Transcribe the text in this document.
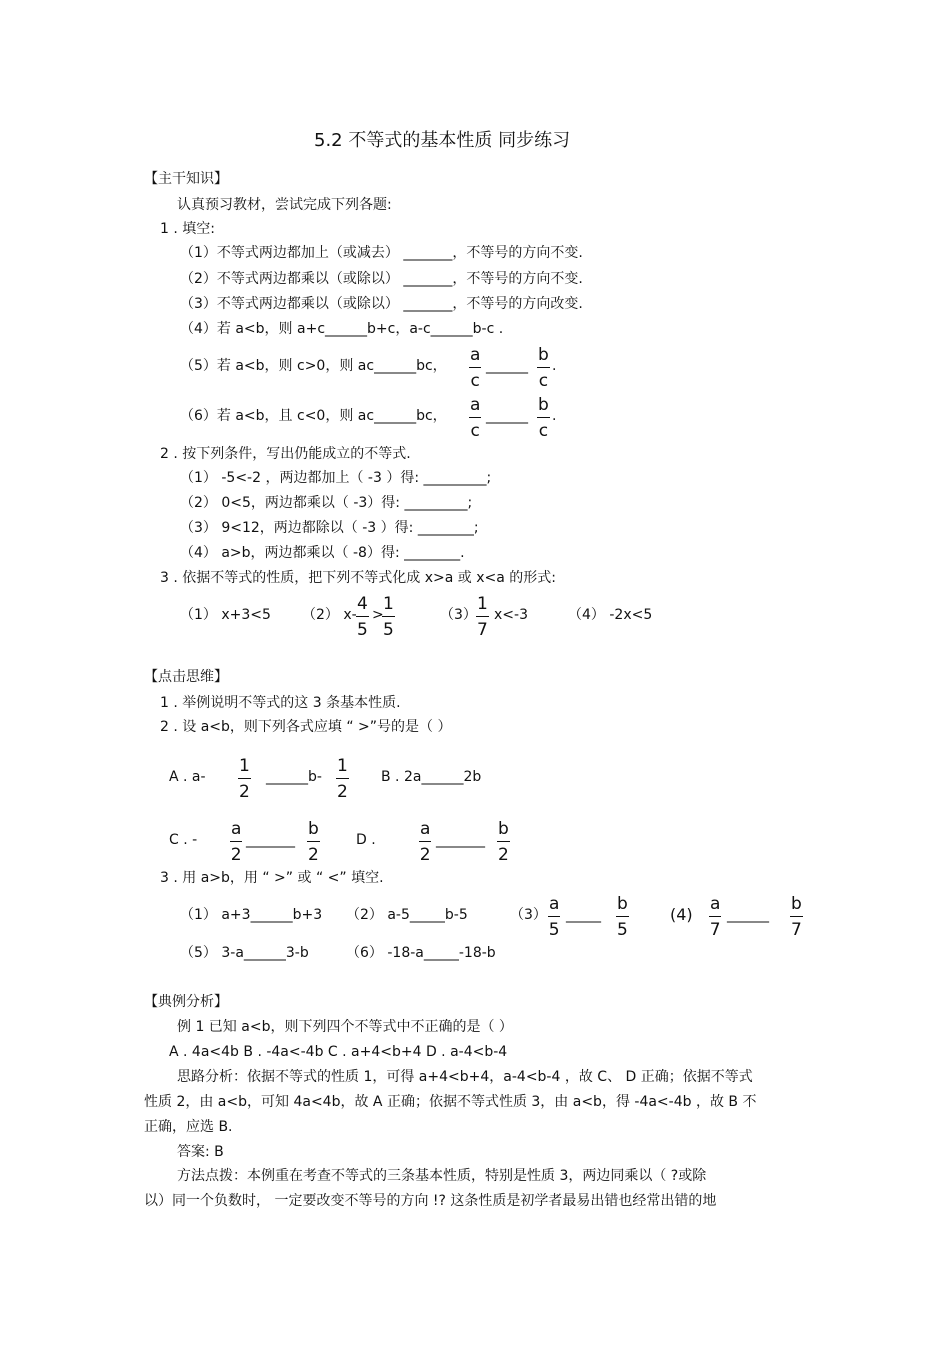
5.2 不等式的基本性质 同步练习
【主干知识】
认真预习教材，尝试完成下列各题:
1 . 填空:
（1）不等式两边都加上（或减去） _______，不等号的方向不变.
（2）不等式两边都乘以（或除以） _______，不等号的方向不变.
（3）不等式两边都乘以（或除以） _______，不等号的方向改变.
（4）若 a<b，则 a+c______b+c，a-c______b-c .
（5）若 a<b，则 c>0，则 ac______bc， $\frac{a}{c}$ ______ $\frac{b}{c}$ .
（6）若 a<b，且 c<0，则 ac______bc， $\frac{a}{c}$ ______ $\frac{b}{c}$ .
2 . 按下列条件，写出仍能成立的不等式.
（1） -5<-2 ，两边都加上（ -3 ）得: _________;
（2） 0<5，两边都乘以（ -3）得: _________;
（3） 9<12，两边都除以（ -3 ）得: ________;
（4） a>b，两边都乘以（ -8）得: ________.
3 . 依据不等式的性质，把下列不等式化成 x>a 或 x<a 的形式:
（1） x+3<5 （2） $x- \frac{4}{5}$ >
$\frac{1}{5}$	$(3) \frac{1}{7} x<-3$	（4） -2x<5
【点击思维】
1 . 举例说明不等式的这 3 条基本性质.
2 . 设 a<b，则下列各式应填 “ >”号的是（ ）
A . $a- \frac{1}{2}$ ______b- $\frac{1}{2}$ B . 2a______2b
C . - $\frac{a}{2}$ _______ $\frac{b}{2}$	D .	$\frac{a}{2}$ _______ $\frac{b}{2}$
3 . 用 a>b，用 “ >” 或 “ <” 填空.
（1） a+3______b+3 （2） a-5_____b-5	$(3) \frac{a}{5}$ _____ $\frac{b}{5}$	$(4) \frac{a}{7}$ ______ $\frac{b}{7}$
（5） 3-a______3-b	（6） -18-a_____-18-b
【典例分析】
例 1 已知 a<b，则下列四个不等式中不正确的是（ ）
A . 4a<4b B . -4a<-4b C . a+4<b+4 D . a-4<b-4
思路分析：依据不等式的性质 1，可得 a+4<b+4，a-4<b-4 ，故 C、 D 正确；依据不等式
性质 2，由 a<b，可知 4a<4b，故 A 正确；依据不等式性质 3，由 a<b，得 -4a<-4b ，故 B 不
正确，应选 B.
答案: B
方法点拨：本例重在考查不等式的三条基本性质，特别是性质 3，两边同乘以（ ?或除
以）同一个负数时， 一定要改变不等号的方向 !? 这条性质是初学者最易出错也经常出错的地
